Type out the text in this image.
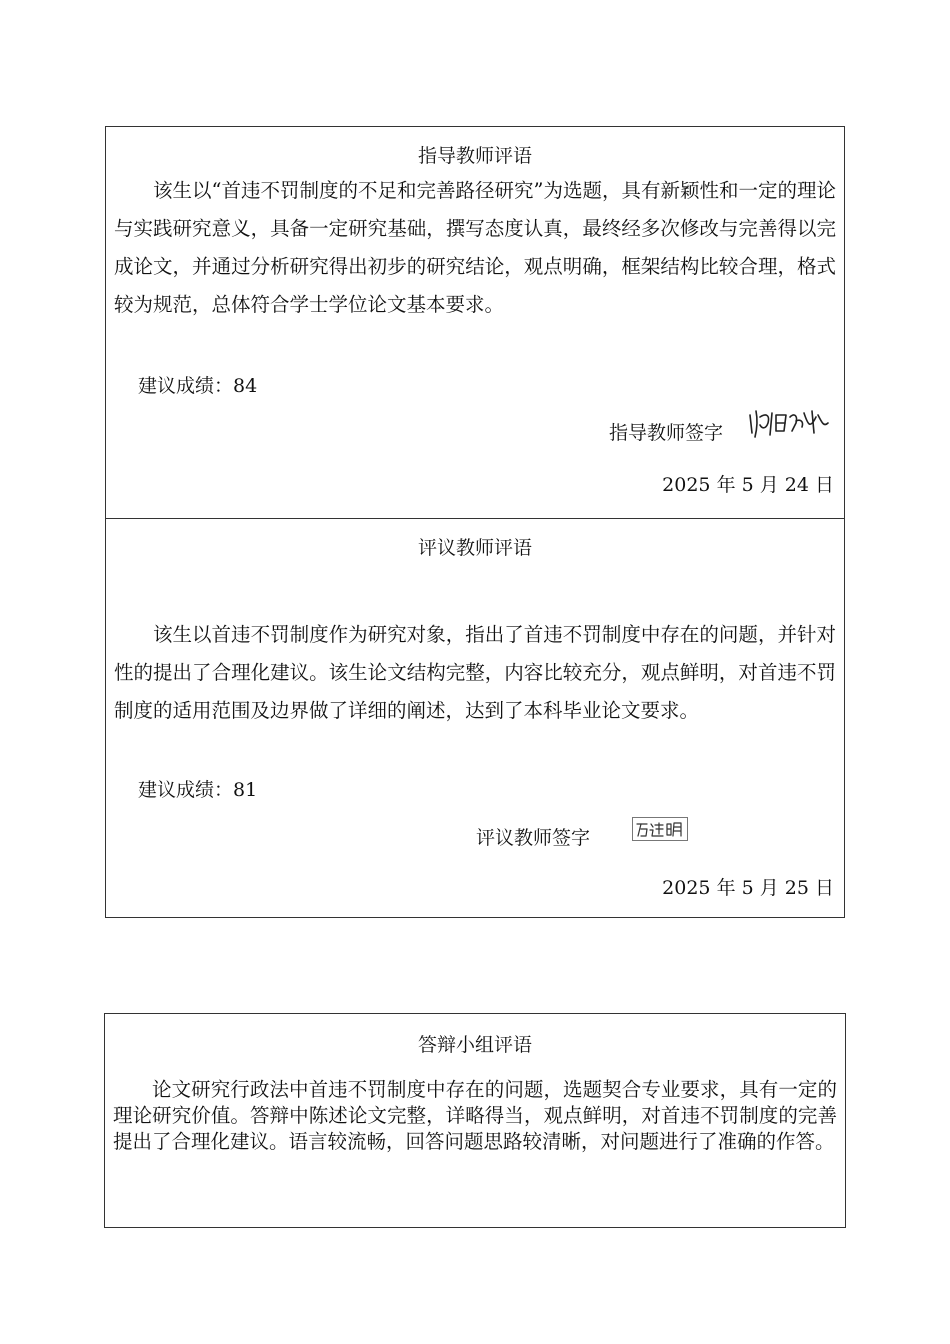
指导教师评语

该生以“首违不罚制度的不足和完善路径研究”为选题，具有新颖性和一定的理论与实践研究意义，具备一定研究基础，撰写态度认真，最终经多次修改与完善得以完成论文，并通过分析研究得出初步的研究结论，观点明确，框架结构比较合理，格式较为规范，总体符合学士学位论文基本要求。

建议成绩：84
指导教师签字
2025 年 5 月 24 日
评议教师评语

该生以首违不罚制度作为研究对象，指出了首违不罚制度中存在的问题，并针对性的提出了合理化建议。该生论文结构完整，内容比较充分，观点鲜明，对首违不罚制度的适用范围及边界做了详细的阐述，达到了本科毕业论文要求。

建议成绩：81
评议教师签字
2025 年 5 月 25 日
答辩小组评语

论文研究行政法中首违不罚制度中存在的问题，选题契合专业要求，具有一定的理论研究价值。答辩中陈述论文完整，详略得当，观点鲜明，对首违不罚制度的完善提出了合理化建议。语言较流畅，回答问题思路较清晰，对问题进行了准确的作答。
